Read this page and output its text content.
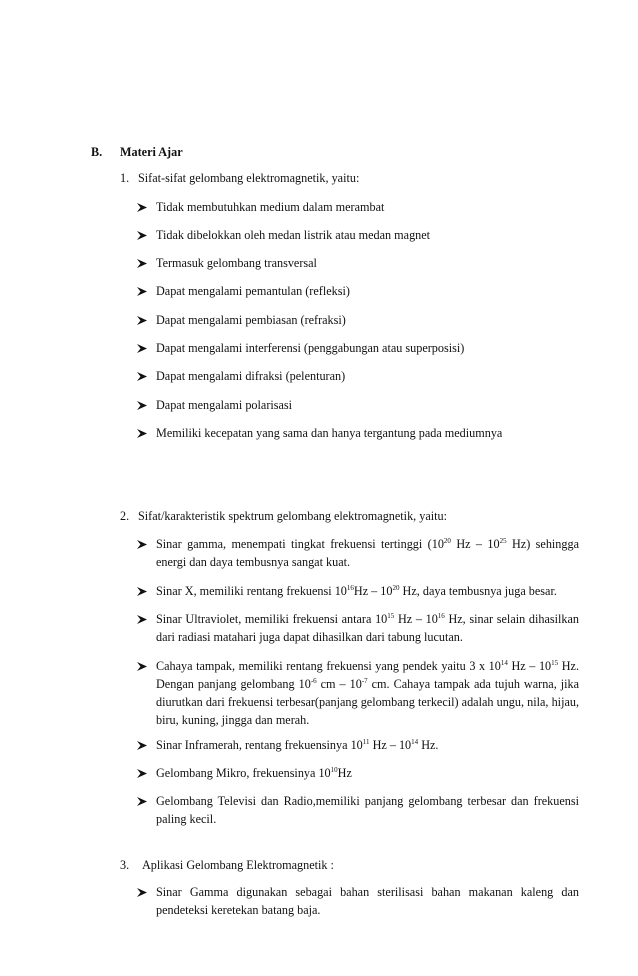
B. Materi Ajar
1. Sifat-sifat gelombang elektromagnetik, yaitu:
Tidak membutuhkan medium dalam merambat
Tidak dibelokkan oleh medan listrik atau medan magnet
Termasuk gelombang transversal
Dapat mengalami pemantulan (refleksi)
Dapat mengalami pembiasan (refraksi)
Dapat mengalami interferensi (penggabungan atau superposisi)
Dapat mengalami difraksi (pelenturan)
Dapat mengalami polarisasi
Memiliki kecepatan yang sama dan hanya tergantung pada mediumnya
2. Sifat/karakteristik spektrum gelombang elektromagnetik, yaitu:
Sinar gamma, menempati tingkat frekuensi tertinggi ($10^{20}$ Hz – $10^{25}$ Hz) sehingga energi dan daya tembusnya sangat kuat.
Sinar X, memiliki rentang frekuensi $10^{16}Hz - 10^{20}$ Hz, daya tembusnya juga besar.
Sinar Ultraviolet, memiliki frekuensi antara $10^{15}$ Hz – $10^{16}$ Hz, sinar selain dihasilkan dari radiasi matahari juga dapat dihasilkan dari tabung lucutan.
Cahaya tampak, memiliki rentang frekuensi yang pendek yaitu 3 x $10^{14}$ Hz – $10^{15}$ Hz. Dengan panjang gelombang $10^{-6}$ cm – $10^{-7}$ cm. Cahaya tampak ada tujuh warna, jika diurutkan dari frekuensi terbesar(panjang gelombang terkecil) adalah ungu, nila, hijau, biru, kuning, jingga dan merah.
Sinar Inframerah, rentang frekuensinya $10^{11}$ Hz – $10^{14}$ Hz.
Gelombang Mikro, frekuensinya $10^{10}Hz$
Gelombang Televisi dan Radio,memiliki panjang gelombang terbesar dan frekuensi paling kecil.
3. Aplikasi Gelombang Elektromagnetik :
Sinar Gamma digunakan sebagai bahan sterilisasi bahan makanan kaleng dan pendeteksi keretekan batang baja.
